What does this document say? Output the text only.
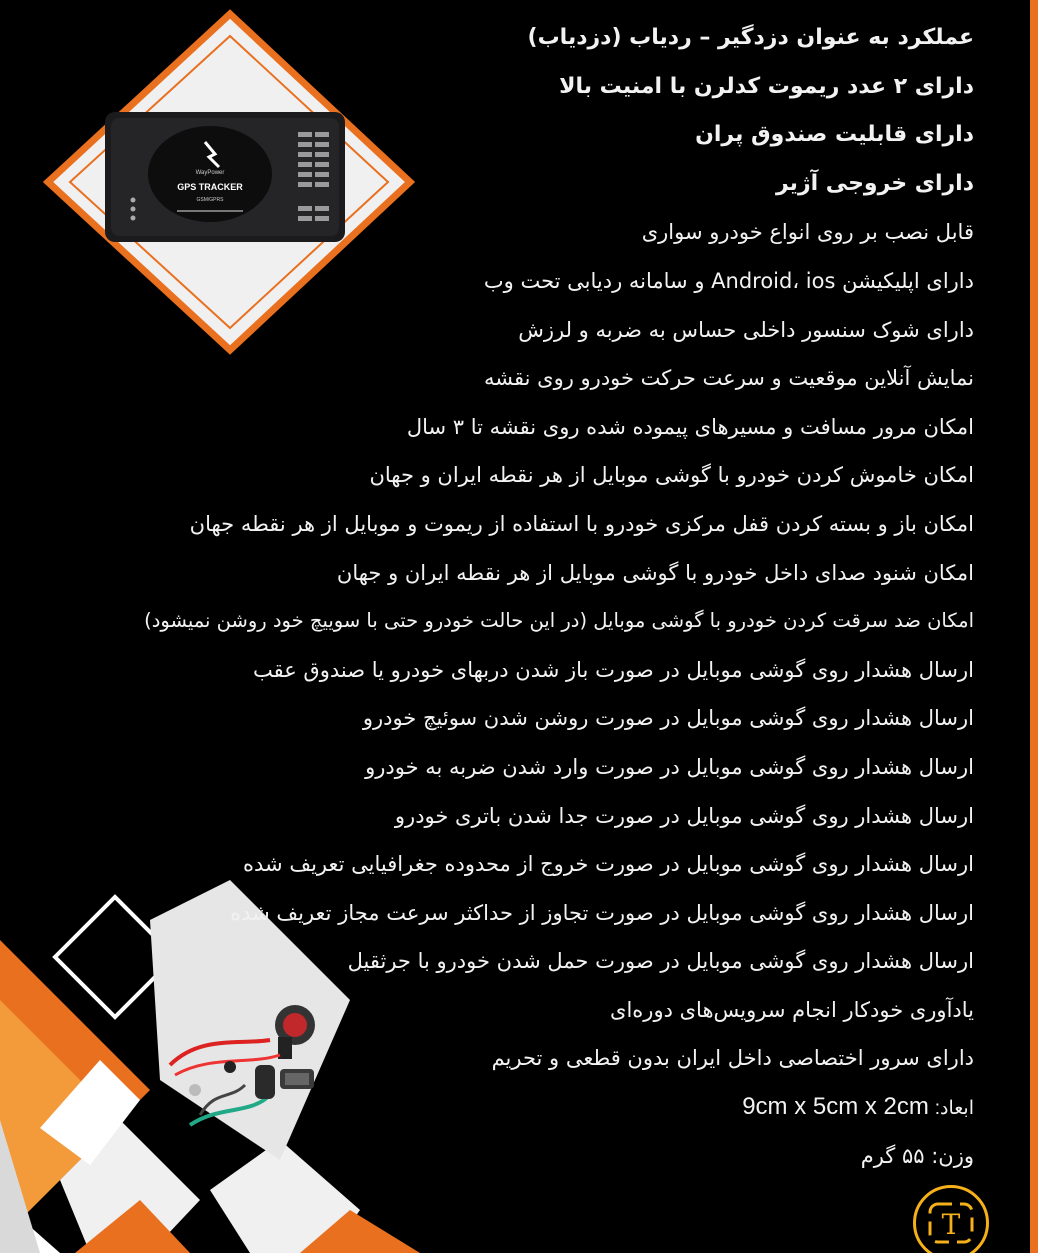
WayPower
GPS TRACKER
GSM/GPRS
عملکرد به عنوان دزدگیر – ردیاب (دزدیاب)
دارای ۲ عدد ریموت کدلرن با امنیت بالا
دارای قابلیت صندوق پران
دارای خروجی آژیر
قابل نصب بر روی انواع خودرو سواری
دارای اپلیکیشن Android، ios و سامانه ردیابی تحت وب
دارای شوک سنسور داخلی حساس به ضربه و لرزش
نمایش آنلاین موقعیت و سرعت حرکت خودرو روی نقشه
امکان مرور مسافت و مسیرهای پیموده شده روی نقشه تا ۳ سال
امکان خاموش کردن خودرو با گوشی موبایل از هر نقطه ایران و جهان
امکان باز و بسته کردن قفل مرکزی خودرو با استفاده از ریموت و موبایل از هر نقطه جهان
امکان شنود صدای داخل خودرو با گوشی موبایل از هر نقطه ایران و جهان
امکان ضد سرقت کردن خودرو با گوشی موبایل (در این حالت خودرو حتی با سوییچ خود روشن نمیشود)
ارسال هشدار روی گوشی موبایل در صورت باز شدن دربهای خودرو یا صندوق عقب
ارسال هشدار روی گوشی موبایل در صورت روشن شدن سوئیچ خودرو
ارسال هشدار روی گوشی موبایل در صورت وارد شدن ضربه به خودرو
ارسال هشدار روی گوشی موبایل در صورت جدا شدن باتری خودرو
ارسال هشدار روی گوشی موبایل در صورت خروج از محدوده جغرافیایی تعریف شده
ارسال هشدار روی گوشی موبایل در صورت تجاوز از حداکثر سرعت مجاز تعریف شده
ارسال هشدار روی گوشی موبایل در صورت حمل شدن خودرو با جرثقیل
یادآوری خودکار انجام سرویس‌های دوره‌ای
دارای سرور اختصاصی داخل ایران بدون قطعی و تحریم
ابعاد: 9cm x 5cm x 2cm
وزن: ۵۵ گرم
T
